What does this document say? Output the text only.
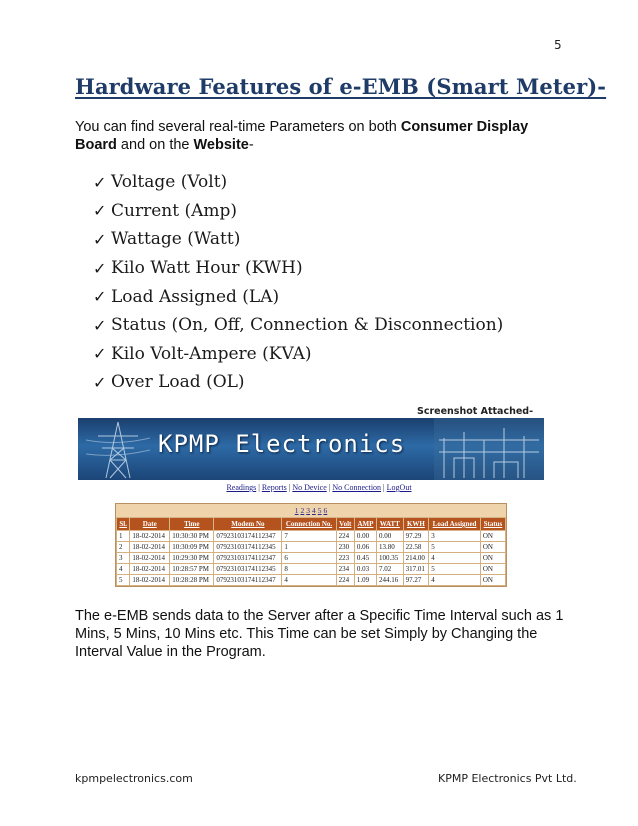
5
Hardware Features of e-EMB (Smart Meter)-

You can find several real-time Parameters on both Consumer Display Board and on the Website-

✓ Voltage (Volt)
✓ Current (Amp)
✓ Wattage (Watt)
✓ Kilo Watt Hour (KWH)
✓ Load Assigned (LA)
✓ Status (On, Off, Connection & Disconnection)
✓ Kilo Volt-Ampere (KVA)
✓ Over Load (OL)
Screenshot Attached-
KPMP Electronics
Readings | Reports | No Device | No Connection | LogOut
1 2 3 4 5 6
Sl.	Date	Time	Modem No	Connection No.	Volt	AMP	WATT	KWH	Load Assigned	Status
1	18-02-2014	10:30:30 PM	07923103174112347	7	224	0.00	0.00	97.29	3	ON
2	18-02-2014	10:30:09 PM	07923103174112345	1	230	0.06	13.80	22.58	5	ON
3	18-02-2014	10:29:30 PM	07923103174112347	6	223	0.45	100.35	214.00	4	ON
4	18-02-2014	10:28:57 PM	07923103174112345	8	234	0.03	7.02	317.01	5	ON
5	18-02-2014	10:28:28 PM	07923103174112347	4	224	1.09	244.16	97.27	4	ON

The e-EMB sends data to the Server after a Specific Time Interval such as 1 Mins, 5 Mins, 10 Mins etc. This Time can be set Simply by Changing the Interval Value in the Program.

kpmpelectronics.com	KPMP Electronics Pvt Ltd.
